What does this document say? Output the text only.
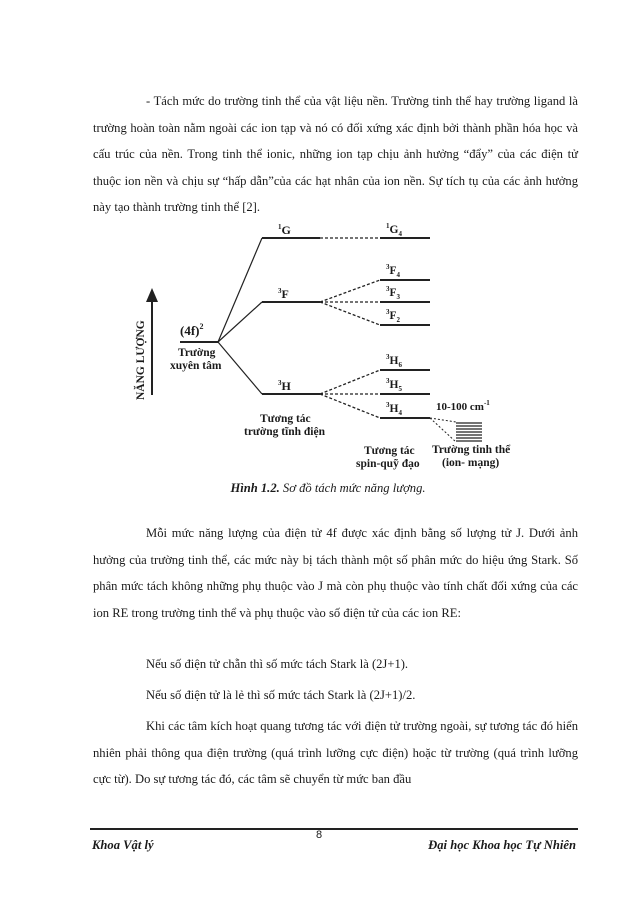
- Tách mức do trường tinh thể của vật liệu nền. Trường tinh thể hay trường ligand là trường hoàn toàn nằm ngoài các ion tạp và nó có đối xứng xác định bởi thành phần hóa học và cấu trúc của nền. Trong tinh thể ionic, những ion tạp chịu ảnh hưởng “đẩy” của các điện tử thuộc ion nền và chịu sự “hấp dẫn”của các hạt nhân của ion nền. Sự tích tụ của các ảnh hưởng này tạo thành trường tinh thể [2].

NĂNG LƯỢNG	$(4f)^2$
Trường
xuyên tâm
$^1$G
$^3$F
$^3$H
$^1G_4$
$^3F_4$
$^3F_3$
$^3F_2$
$^3H_6$
$^3H_5$
$^3H_4$	10-100 $cm^{-1}$
Tương tác
trường tĩnh điện
Tương tác
spin-quỹ đạo
Trường tinh thể
(ion- mạng)
Hình 1.2. Sơ đồ tách mức năng lượng.

Mỗi mức năng lượng của điện tử 4f được xác định bằng số lượng tử J. Dưới ảnh hưởng của trường tinh thể, các mức này bị tách thành một số phân mức do hiệu ứng Stark. Số phân mức tách không những phụ thuộc vào J mà còn phụ thuộc vào tính chất đối xứng của các ion RE trong trường tinh thể và phụ thuộc vào số điện tử của các ion RE:

Nếu số điện tử chẵn thì số mức tách Stark là (2J+1).

Nếu số điện tử là lẻ thì số mức tách Stark là (2J+1)/2.

Khi các tâm kích hoạt quang tương tác với điện tử trường ngoài, sự tương tác đó hiển nhiên phải thông qua điện trường (quá trình lưỡng cực điện) hoặc từ trường (quá trình lưỡng cực từ). Do sự tương tác đó, các tâm sẽ chuyển từ mức ban đầu

8
Khoa Vật lý	Đại học Khoa học Tự Nhiên
